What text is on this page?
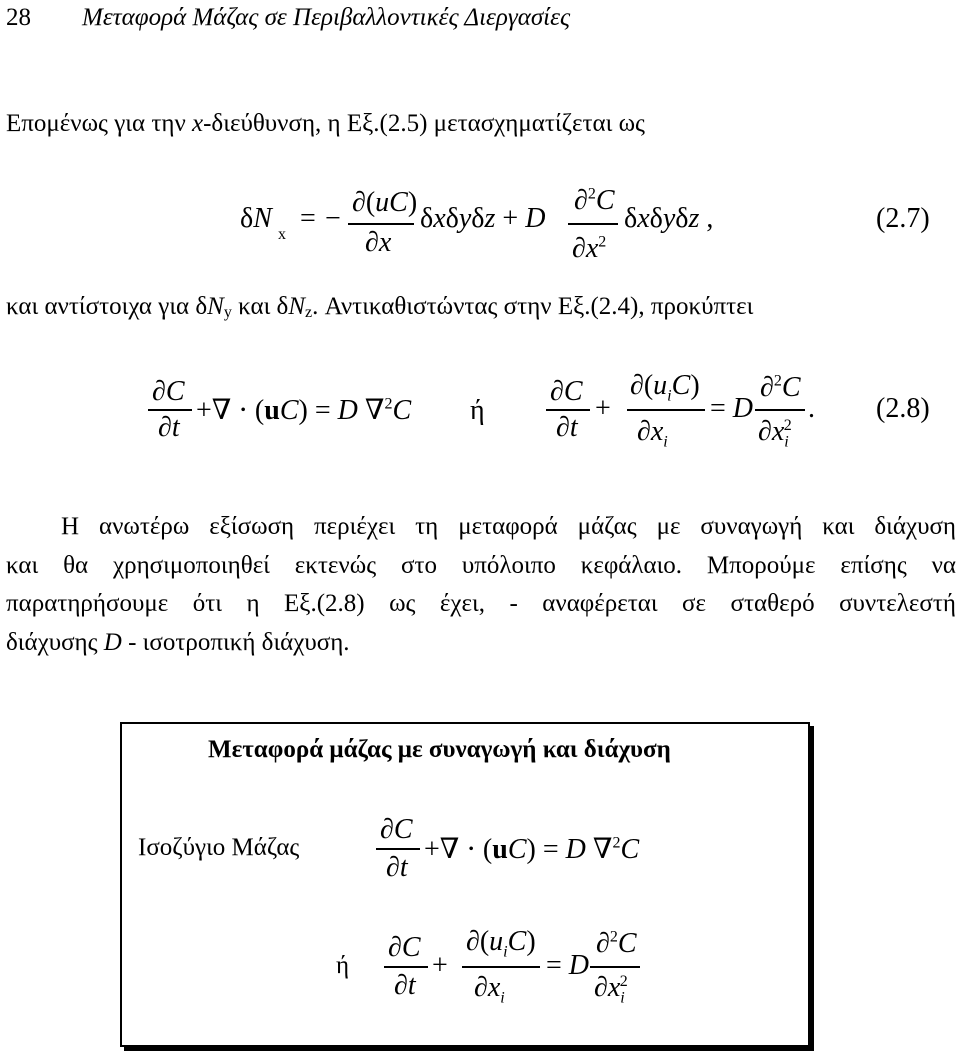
28 Μεταφορά Μάζας σε Περιβαλλοντικές Διεργασίες
Επομένως για την x-διεύθυνση, η Εξ.(2.5) μετασχηματίζεται ως
δN
x
= −
∂(uC)
∂x
δxδyδz + D
∂$^2$C
$\partial x^2$
δxδyδz ,	(2.7)
και αντίστοιχα για δNy και δNz. Αντικαθιστώντας στην Εξ.(2.4), προκύπτει
∂C
∂t
+∇ ⋅ (uC) = D ∇$^2$C ή
∂C
∂t
+
$\partial(u_iC)$
$\partial x_i$
= D
∂$^2$C
$\partial x_i^2$
. (2.8)
Η ανωτέρω εξίσωση περιέχει τη μεταφορά μάζας με συναγωγή και διάχυση
και θα χρησιμοποιηθεί εκτενώς στο υπόλοιπο κεφάλαιο. Μπορούμε επίσης να
παρατηρήσουμε ότι η Εξ.(2.8) ως έχει, - αναφέρεται σε σταθερό συντελεστή
διάχυσης D - ισοτροπική διάχυση.
Μεταφορά μάζας με συναγωγή και διάχυση
Ισοζύγιο Μάζας
∂C
∂t
+∇ ⋅ (uC) = D ∇$^2$C
ή
∂C
∂t
+
$\partial(u_iC)$
$\partial x_i$
= D
∂$^2$C
$\partial x_i^2$
